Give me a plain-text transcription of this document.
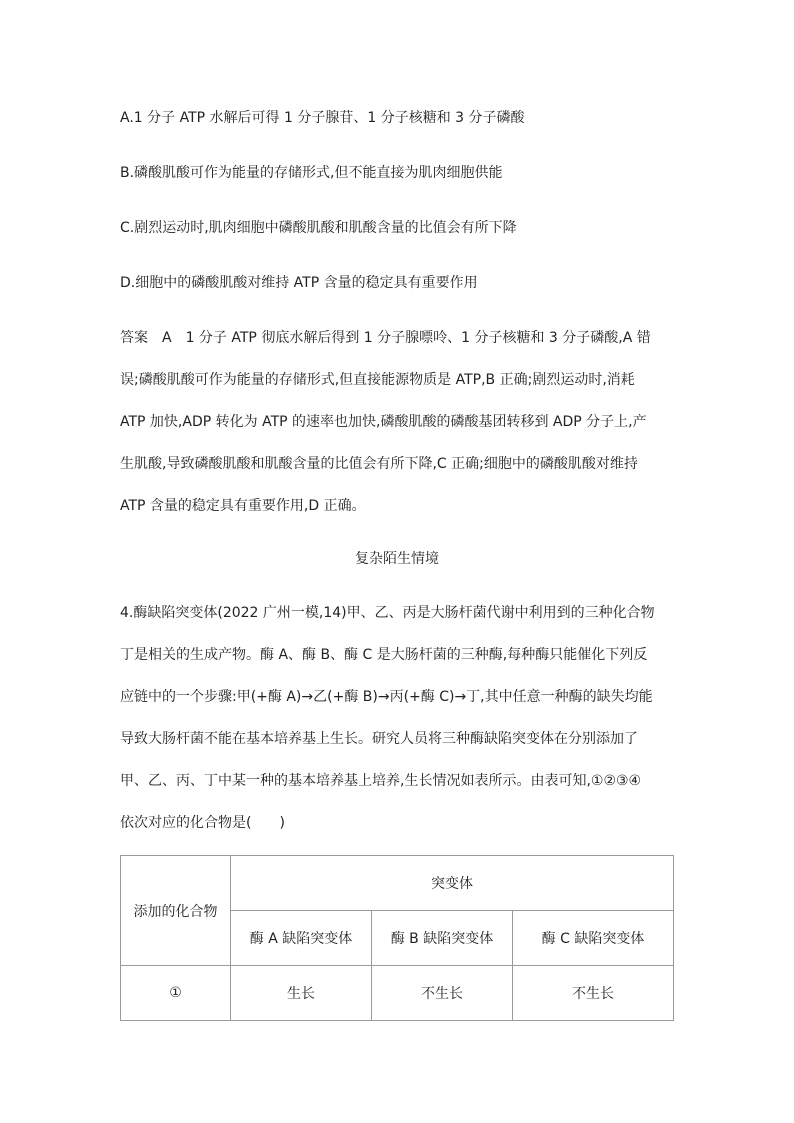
A.1 分子 ATP 水解后可得 1 分子腺苷、1 分子核糖和 3 分子磷酸
B.磷酸肌酸可作为能量的存储形式,但不能直接为肌肉细胞供能
C.剧烈运动时,肌肉细胞中磷酸肌酸和肌酸含量的比值会有所下降
D.细胞中的磷酸肌酸对维持 ATP 含量的稳定具有重要作用
答案　A　1 分子 ATP 彻底水解后得到 1 分子腺嘌呤、1 分子核糖和 3 分子磷酸,A 错
误;磷酸肌酸可作为能量的存储形式,但直接能源物质是 ATP,B 正确;剧烈运动时,消耗
ATP 加快,ADP 转化为 ATP 的速率也加快,磷酸肌酸的磷酸基团转移到 ADP 分子上,产
生肌酸,导致磷酸肌酸和肌酸含量的比值会有所下降,C 正确;细胞中的磷酸肌酸对维持
ATP 含量的稳定具有重要作用,D 正确。
复杂陌生情境
4.酶缺陷突变体(2022 广州一模,14)甲、乙、丙是大肠杆菌代谢中利用到的三种化合物
丁是相关的生成产物。酶 A、酶 B、酶 C 是大肠杆菌的三种酶,每种酶只能催化下列反
应链中的一个步骤:甲(+酶 A)→乙(+酶 B)→丙(+酶 C)→丁,其中任意一种酶的缺失均能
导致大肠杆菌不能在基本培养基上生长。研究人员将三种酶缺陷突变体在分别添加了
甲、乙、丙、丁中某一种的基本培养基上培养,生长情况如表所示。由表可知,①②③④
依次对应的化合物是(　　)
添加的化合物	突变体		
	酶 A 缺陷突变体	酶 B 缺陷突变体	酶 C 缺陷突变体
①	生长	不生长	不生长
